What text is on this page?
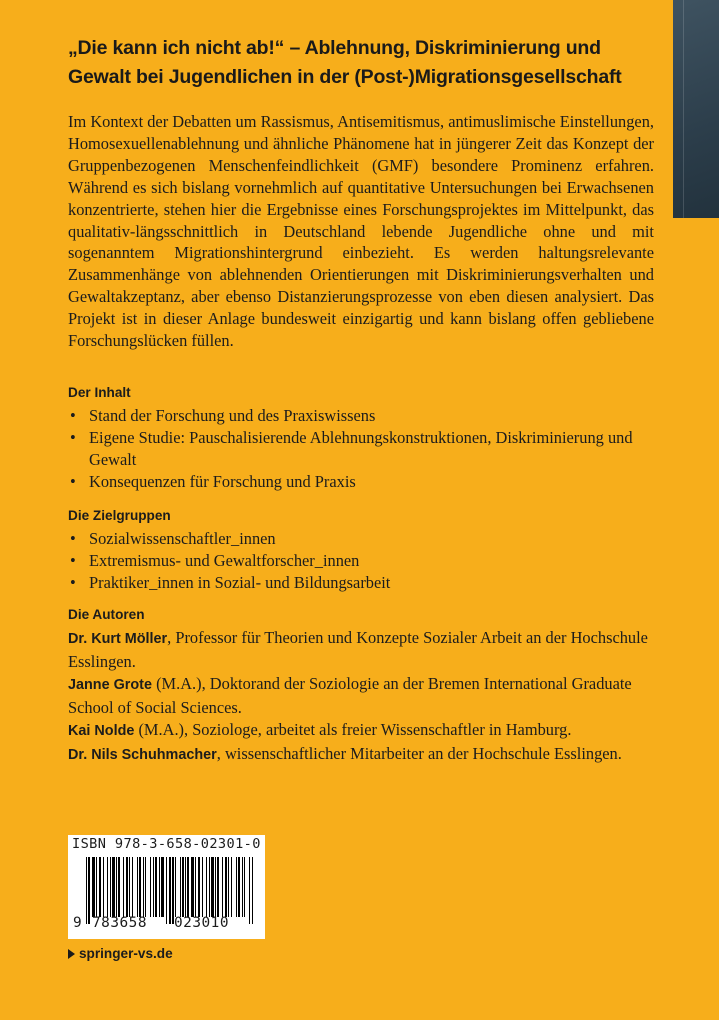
„Die kann ich nicht ab!“ – Ablehnung, Diskriminierung und
Gewalt bei Jugendlichen in der (Post-)Migrationsgesellschaft

Im Kontext der Debatten um Rassismus, Antisemitismus, antimuslimische Einstellungen, Homosexuellenablehnung und ähnliche Phänomene hat in jüngerer Zeit das Konzept der Gruppenbezogenen Menschenfeindlichkeit (GMF) besondere Prominenz erfahren. Während es sich bislang vornehmlich auf quantitative Untersuchungen bei Erwachsenen konzentrierte, stehen hier die Ergebnisse eines Forschungsprojektes im Mittelpunkt, das qualitativ-längsschnittlich in Deutschland lebende Jugendliche ohne und mit sogenanntem Migrationshintergrund einbezieht. Es werden haltungsrelevante Zusammenhänge von ablehnenden Orientierungen mit Diskriminierungsverhalten und Gewaltakzeptanz, aber ebenso Distanzierungsprozesse von eben diesen analysiert. Das Projekt ist in dieser Anlage bundesweit einzigartig und kann bislang offen gebliebene Forschungslücken füllen.

Der Inhalt
• Stand der Forschung und des Praxiswissens
• Eigene Studie: Pauschalisierende Ablehnungskonstruktionen, Diskriminierung und Gewalt
• Konsequenzen für Forschung und Praxis
Die Zielgruppen
• Sozialwissenschaftler_innen
• Extremismus- und Gewaltforscher_innen
• Praktiker_innen in Sozial- und Bildungsarbeit
Die Autoren

Dr. Kurt Möller, Professor für Theorien und Konzepte Sozialer Arbeit an der Hochschule Esslingen.

Janne Grote (M.A.), Doktorand der Soziologie an der Bremen International Graduate School of Social Sciences.

Kai Nolde (M.A.), Soziologe, arbeitet als freier Wissenschaftler in Hamburg.

Dr. Nils Schuhmacher, wissenschaftlicher Mitarbeiter an der Hochschule Esslingen.

ISBN 978-3-658-02301-0
9 783658	023010
springer-vs.de
